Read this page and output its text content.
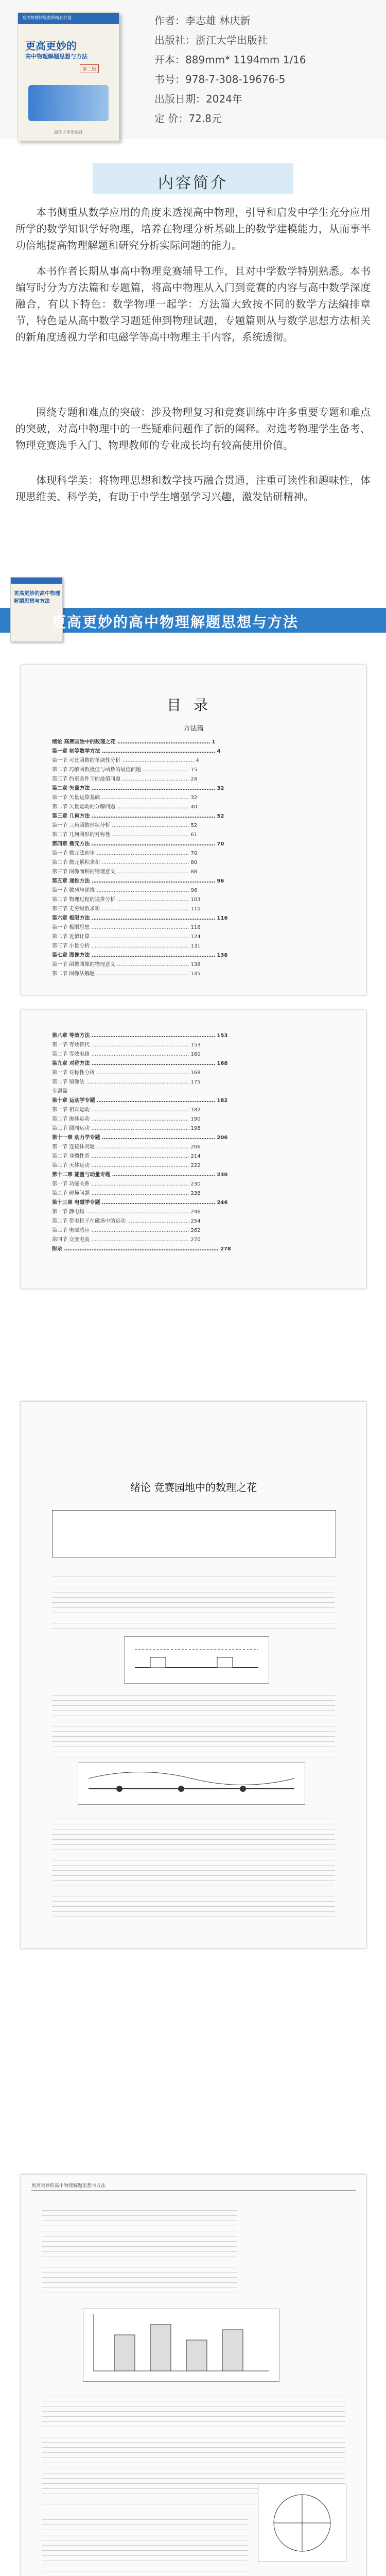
高考物理特级教师精心打造
更高更妙的
高中物理解题思想与方法
第二版
浙江大学出版社
作者：李志雄 林庆新
出版社：浙江大学出版社
开本：889mm* 1194mm 1/16
书号：978-7-308-19676-5
出版日期：2024年
定 价：72.8元
内容简介
本书侧重从数学应用的角度来透视高中物理，引导和启发中学生充分应用所学的数学知识学好物理，培养在物理分析基础上的数学建模能力，从而事半功倍地提高物理解题和研究分析实际问题的能力。
本书作者长期从事高中物理竞赛辅导工作，且对中学数学特别熟悉。本书编写时分为方法篇和专题篇，将高中物理从入门到竞赛的内容与高中数学深度融合，有以下特色：数学物理一起学：方法篇大致按不同的数学方法编排章节，特色是从高中数学习题延伸到物理试题，专题篇则从与数学思想方法相关的新角度透视力学和电磁学等高中物理主干内容，系统透彻。
围绕专题和难点的突破：涉及物理复习和竞赛训练中许多重要专题和难点的突破，对高中物理中的一些疑难问题作了新的阐释。对选考物理学生备考、物理竞赛选手入门、物理教师的专业成长均有较高使用价值。
体现科学美：将物理思想和数学技巧融合贯通，注重可读性和趣味性，体现思维美、科学美，有助于中学生增强学习兴趣，激发钻研精神。
更高更妙的高中物理解题思想与方法
更高更妙的高中物理解题思想与方法
目录
方法篇
绪论 高赛国始中的数理之花 ……………………………………………… 1
第一章 初等数学方法 ………………………………………………………… 4
第一节 可比函数的单调性分析 …………………………………… 4
第二节 巧解函数极值与函数的最值问题 ……………………… 15
第三节 约束条件下的最值问题 ………………………………… 24
第二章 矢量方法 ……………………………………………………………… 32
第一节 矢量运算基础 …………………………………………… 32
第二节 矢量运动的分解问题 …………………………………… 40
第三章 几何方法 ……………………………………………………………… 52
第一节 三角函数形状分析 ……………………………………… 52
第二节 几何图形的对称性 ……………………………………… 61
第四章 微元方法 ……………………………………………………………… 70
第一节 微元法初步 ……………………………………………… 70
第二节 微元累积求和 …………………………………………… 80
第三节 图像面积的物理意义 …………………………………… 88
第五章 递推方法 ……………………………………………………………… 96
第一节 数列与递推 ……………………………………………… 96
第二节 物理过程的递推分析 …………………………………… 103
第三节 无穷级数求和 …………………………………………… 110
第六章 极限方法 ……………………………………………………………… 116
第一节 极限思想 ………………………………………………… 116
第二节 近似计算 ………………………………………………… 124
第三节 小量分析 ………………………………………………… 131
第七章 图像方法 ……………………………………………………………… 138
第一节 函数图像的物理意义 …………………………………… 138
第二节 图像法解题 ……………………………………………… 145
第八章 等效方法 ……………………………………………………………… 153
第一节 等效替代 ………………………………………………… 153
第二节 等效电路 ………………………………………………… 160
第九章 对称方法 ……………………………………………………………… 168
第一节 对称性分析 ……………………………………………… 168
第二节 镜像法 …………………………………………………… 175
专题篇
第十章 运动学专题 …………………………………………………………… 182
第一节 相对运动 ………………………………………………… 182
第二节 抛体运动 ………………………………………………… 190
第三节 圆周运动 ………………………………………………… 198
第十一章 动力学专题 ………………………………………………………… 206
第一节 连接体问题 ……………………………………………… 206
第二节 非惯性系 ………………………………………………… 214
第三节 天体运动 ………………………………………………… 222
第十二章 能量与动量专题 …………………………………………………… 230
第一节 功能关系 ………………………………………………… 230
第二节 碰撞问题 ………………………………………………… 238
第十三章 电磁学专题 ………………………………………………………… 246
第一节 静电场 …………………………………………………… 246
第二节 带电粒子在磁场中的运动 ……………………………… 254
第三节 电磁感应 ………………………………………………… 262
第四节 交变电流 ………………………………………………… 270
附录 ……………………………………………………………………………… 278
绪论 竞赛园地中的数理之花
更高更妙的高中物理解题思想与方法
